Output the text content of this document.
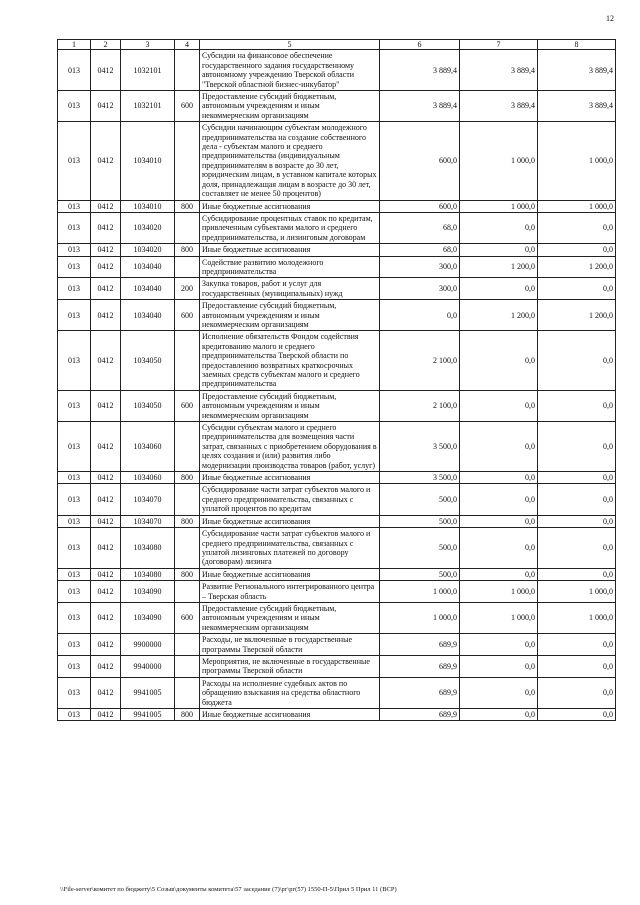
12
1	2	3	4	5	6	7	8
013	0412	1032101		Субсидии на финансовое обеспечение государственного задания государственному автономному учреждению Тверской области "Тверской областной бизнес-инкубатор"	3 889,4	3 889,4	3 889,4
013	0412	1032101	600	Предоставление субсидий бюджетным, автономным учреждениям и иным некоммерческим организациям	3 889,4	3 889,4	3 889,4
013	0412	1034010		Субсидии начинающим субъектам молодежного предпринимательства на создание собственного дела - субъектам малого и среднего предпринимательства (индивидуальным предпринимателям в возрасте до 30 лет, юридическим лицам, в уставном капитале которых доля, принадлежащая лицам в возрасте до 30 лет, составляет не менее 50 процентов)	600,0	1 000,0	1 000,0
013	0412	1034010	800	Иные бюджетные ассигнования	600,0	1 000,0	1 000,0
013	0412	1034020		Субсидирование процентных ставок по кредитам, привлеченным субъектами малого и среднего предпринимательства, и лизинговым договорам	68,0	0,0	0,0
013	0412	1034020	800	Иные бюджетные ассигнования	68,0	0,0	0,0
013	0412	1034040		Содействие развитию молодежного предпринимательства	300,0	1 200,0	1 200,0
013	0412	1034040	200	Закупка товаров, работ и услуг для государственных (муниципальных) нужд	300,0	0,0	0,0
013	0412	1034040	600	Предоставление субсидий бюджетным, автономным учреждениям и иным некоммерческим организациям	0,0	1 200,0	1 200,0
013	0412	1034050		Исполнение обязательств Фондом содействия кредитованию малого и среднего предпринимательства Тверской области по предоставлению возвратных краткосрочных заемных средств субъектам малого и среднего предпринимательства	2 100,0	0,0	0,0
013	0412	1034050	600	Предоставление субсидий бюджетным, автономным учреждениям и иным некоммерческим организациям	2 100,0	0,0	0,0
013	0412	1034060		Субсидии субъектам малого и среднего предпринимательства для возмещения части затрат, связанных с приобретением оборудования в целях создания и (или) развития либо модернизации производства товаров (работ, услуг)	3 500,0	0,0	0,0
013	0412	1034060	800	Иные бюджетные ассигнования	3 500,0	0,0	0,0
013	0412	1034070		Субсидирование части затрат субъектов малого и среднего предпринимательства, связанных с уплатой процентов по кредитам	500,0	0,0	0,0
013	0412	1034070	800	Иные бюджетные ассигнования	500,0	0,0	0,0
013	0412	1034080		Субсидирование части затрат субъектов малого и среднего предпринимательства, связанных с уплатой лизинговых платежей по договору (договорам) лизинга	500,0	0,0	0,0
013	0412	1034080	800	Иные бюджетные ассигнования	500,0	0,0	0,0
013	0412	1034090		Развитие Регионального интегрированного центра – Тверская область	1 000,0	1 000,0	1 000,0
013	0412	1034090	600	Предоставление субсидий бюджетным, автономным учреждениям и иным некоммерческим организациям	1 000,0	1 000,0	1 000,0
013	0412	9900000		Расходы, не включенные в государственные программы Тверской области	689,9	0,0	0,0
013	0412	9940000		Мероприятия, не включенные в государственные программы Тверской области	689,9	0,0	0,0
013	0412	9941005		Расходы на исполнение судебных актов по обращению взыскания на средства областного бюджета	689,9	0,0	0,0
013	0412	9941005	800	Иные бюджетные ассигнования	689,9	0,0	0,0
\\File-server\комитет по бюджету\5 Созыв\документы комитета\57 заседание (7)\рг\рг(57) 1550-П-5\Прил 5 Прил 11 (ВСР)
